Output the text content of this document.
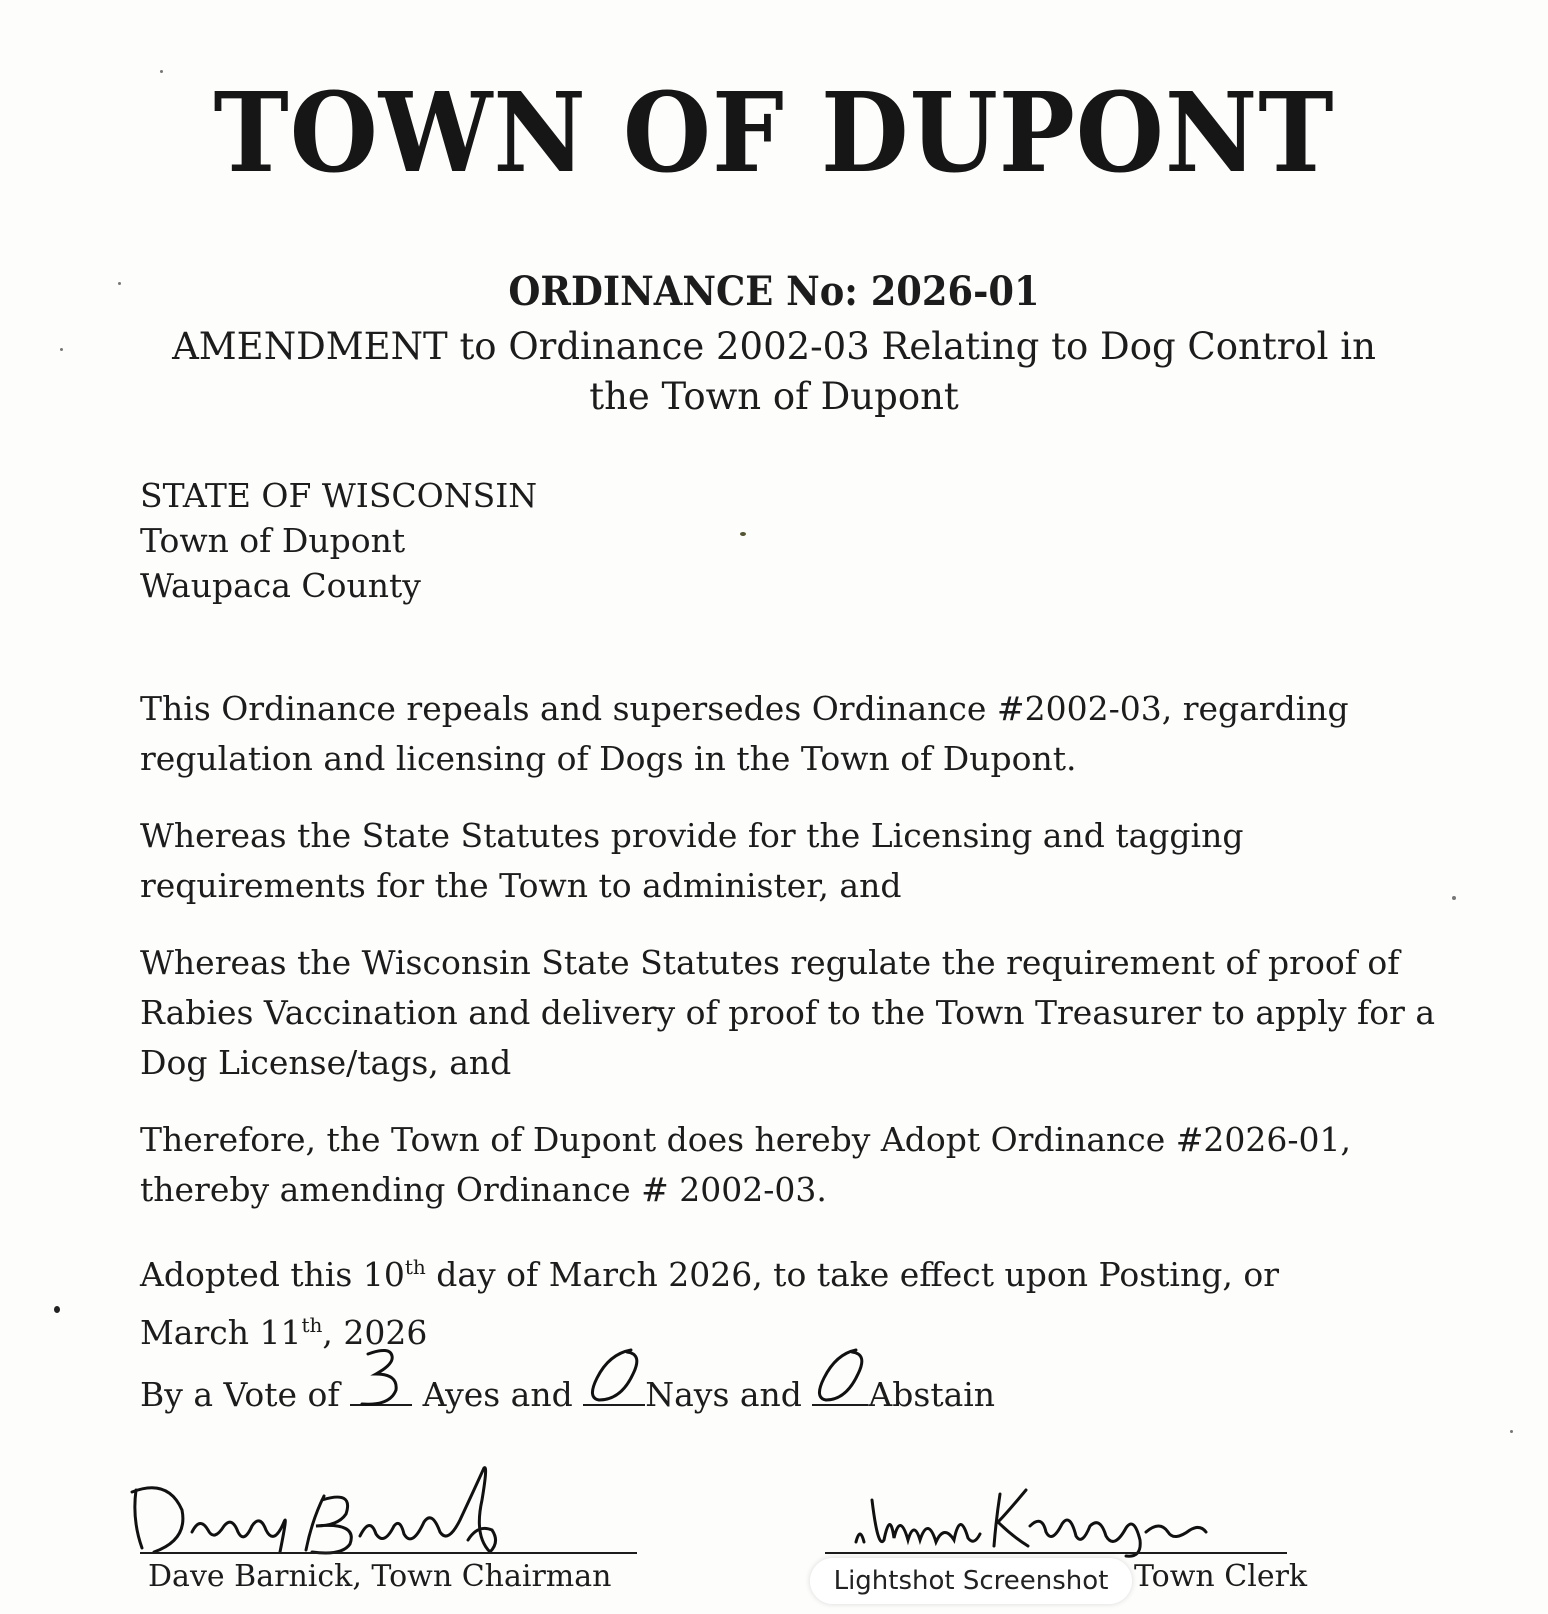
TOWN OF DUPONT
ORDINANCE No: 2026-01
AMENDMENT to Ordinance 2002-03 Relating to Dog Control in the Town of Dupont
STATE OF WISCONSIN
Town of Dupont
Waupaca County
This Ordinance repeals and supersedes Ordinance #2002-03, regarding regulation and licensing of Dogs in the Town of Dupont.
Whereas the State Statutes provide for the Licensing and tagging requirements for the Town to administer, and
Whereas the Wisconsin State Statutes regulate the requirement of proof of Rabies Vaccination and delivery of proof to the Town Treasurer to apply for a Dog License/tags, and
Therefore, the Town of Dupont does hereby Adopt Ordinance #2026-01, thereby amending Ordinance # 2002-03.
Adopted this 10th day of March 2026, to take effect upon Posting, or
March 11th, 2026
By a Vote of	Ayes and Nays and Abstain
Dave Barnick, Town Chairman	Town Clerk
Lightshot Screenshot
